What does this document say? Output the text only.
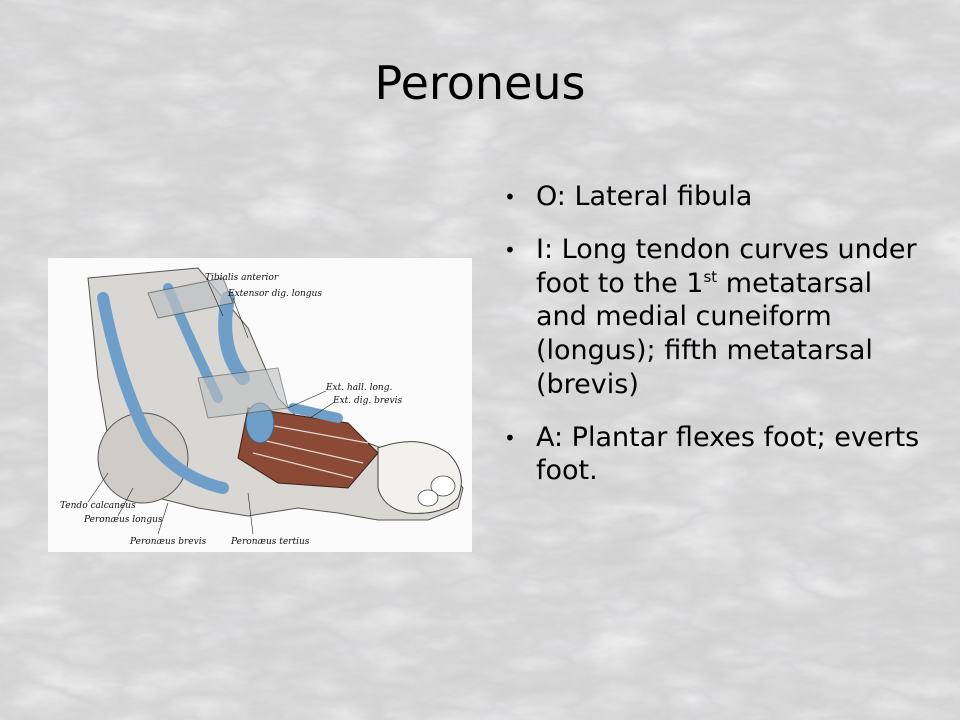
Peroneus
• O: Lateral fibula
• I: Long tendon curves under foot to the 1st metatarsal and medial cuneiform (longus); fifth metatarsal (brevis)
• A: Plantar flexes foot; everts foot.
Tibialis anterior
Extensor dig. longus
Ext. hall. long.
Ext. dig. brevis
Tendo calcaneus
Peronæus longus
Peronæus brevis	Peronæus tertius
